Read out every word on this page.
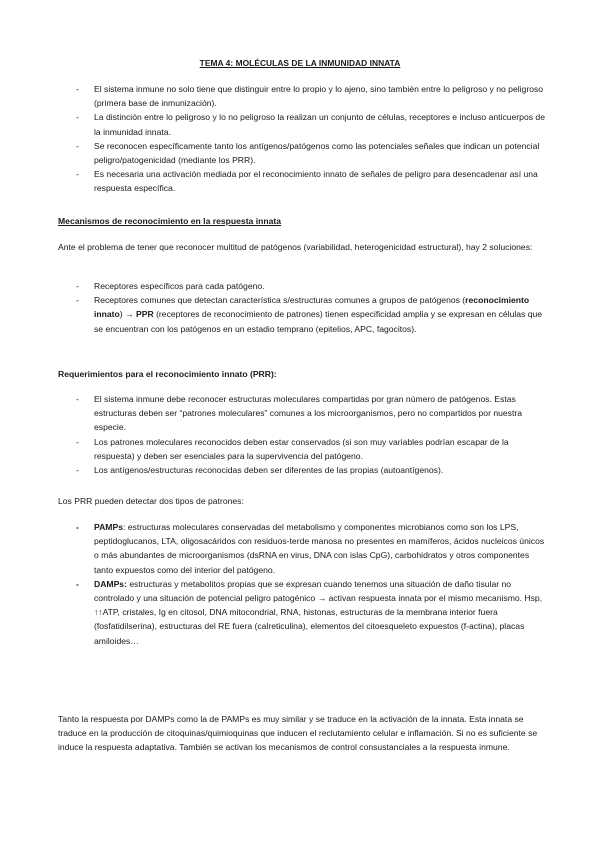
TEMA 4: MOLÉCULAS DE LA INMUNIDAD INNATA
- El sistema inmune no solo tiene que distinguir entre lo propio y lo ajeno, sino también entre lo peligroso y no peligroso (primera base de inmunización).
- La distinción entre lo peligroso y lo no peligroso la realizan un conjunto de células, receptores e incluso anticuerpos de la inmunidad innata.
- Se reconocen específicamente tanto los antígenos/patógenos como las potenciales señales que indican un potencial peligro/patogenicidad (mediante los PRR).
- Es necesaria una activación mediada por el reconocimiento innato de señales de peligro para desencadenar así una respuesta específica.
Mecanismos de reconocimiento en la respuesta innata

Ante el problema de tener que reconocer multitud de patógenos (variabilidad, heterogenicidad estructural), hay 2 soluciones:

- Receptores específicos para cada patógeno.
- Receptores comunes que detectan característica s/estructuras comunes a grupos de patógenos (reconocimiento innato) → PPR (receptores de reconocimiento de patrones) tienen especificidad amplia y se expresan en células que se encuentran con los patógenos en un estadio temprano (epitelios, APC, fagocitos).
Requerimientos para el reconocimiento innato (PRR):
- El sistema inmune debe reconocer estructuras moleculares compartidas por gran número de patógenos. Estas estructuras deben ser “patrones moleculares” comunes a los microorganismos, pero no compartidos por nuestra especie.
- Los patrones moleculares reconocidos deben estar conservados (si son muy variables podrían escapar de la respuesta) y deben ser esenciales para la supervivencia del patógeno.
- Los antígenos/estructuras reconocidas deben ser diferentes de las propias (autoantígenos).

Los PRR pueden detectar dos tipos de patrones:

- PAMPs: estructuras moleculares conservadas del metabolismo y componentes microbianos como son los LPS, peptidoglucanos, LTA, oligosacáridos con residuos-terde manosa no presentes en mamíferos, ácidos nucleicos únicos o más abundantes de microorganismos (dsRNA en virus, DNA con islas CpG), carbohidratos y otros componentes tanto expuestos como del interior del patógeno.
- DAMPs: estructuras y metabolitos propias que se expresan cuando tenemos una situación de daño tisular no controlado y una situación de potencial peligro patogénico → activan respuesta innata por el mismo mecanismo. Hsp, ↑↑ATP, cristales, Ig en citosol, DNA mitocondrial, RNA, histonas, estructuras de la membrana interior fuera (fosfatidilserina), estructuras del RE fuera (calreticulina), elementos del citoesqueleto expuestos (f-actina), placas amiloides…

Tanto la respuesta por DAMPs como la de PAMPs es muy similar y se traduce en la activación de la innata. Esta innata se traduce en la producción de citoquinas/quimioquinas que inducen el reclutamiento celular e inflamación. Si no es suficiente se induce la respuesta adaptativa. También se activan los mecanismos de control consustanciales a la respuesta inmune.
